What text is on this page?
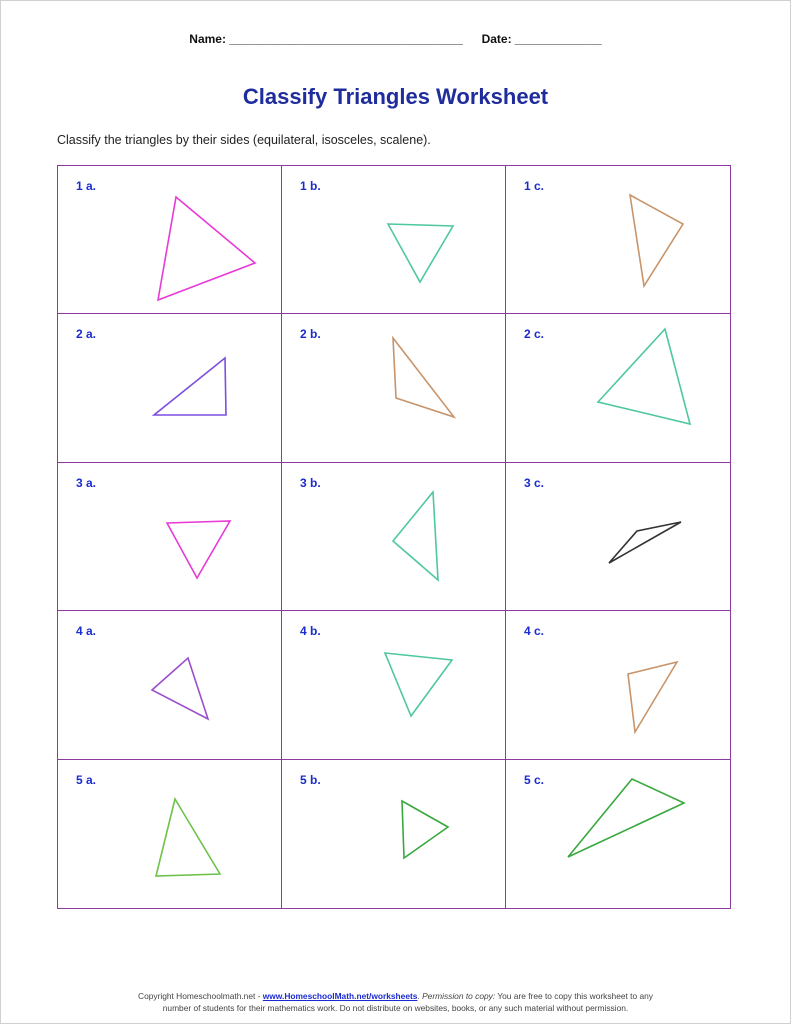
Name: ___________________________________ Date: _____________
Classify Triangles Worksheet
Classify the triangles by their sides (equilateral, isosceles, scalene).
1 a.	1 b.	1 c.
2 a.	2 b.	2 c.
3 a.	3 b.	3 c.
4 a.	4 b.	4 c.
5 a.	5 b.	5 c.
Copyright Homeschoolmath.net - www.HomeschoolMath.net/worksheets. Permission to copy: You are free to copy this worksheet to any
number of students for their mathematics work. Do not distribute on websites, books, or any such material without permission.
